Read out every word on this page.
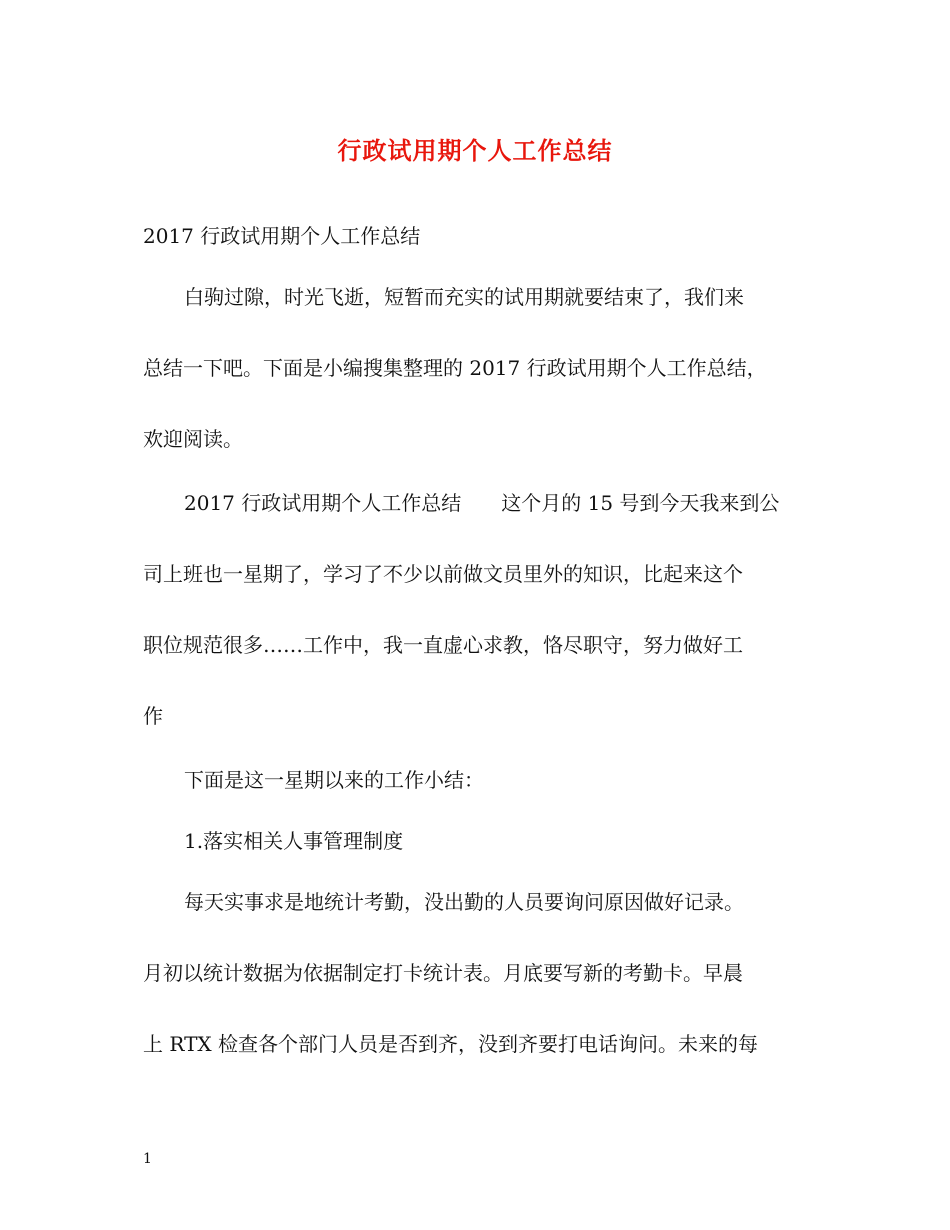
行政试用期个人工作总结
2017 行政试用期个人工作总结
白驹过隙，时光飞逝，短暂而充实的试用期就要结束了，我们来
总结一下吧。下面是小编搜集整理的 2017 行政试用期个人工作总结，
欢迎阅读。
2017 行政试用期个人工作总结　　这个月的 15 号到今天我来到公
司上班也一星期了，学习了不少以前做文员里外的知识，比起来这个
职位规范很多……工作中，我一直虚心求教，恪尽职守，努力做好工
作
下面是这一星期以来的工作小结：
1.落实相关人事管理制度
每天实事求是地统计考勤，没出勤的人员要询问原因做好记录。
月初以统计数据为依据制定打卡统计表。月底要写新的考勤卡。早晨
上 RTX 检查各个部门人员是否到齐，没到齐要打电话询问。未来的每
1
